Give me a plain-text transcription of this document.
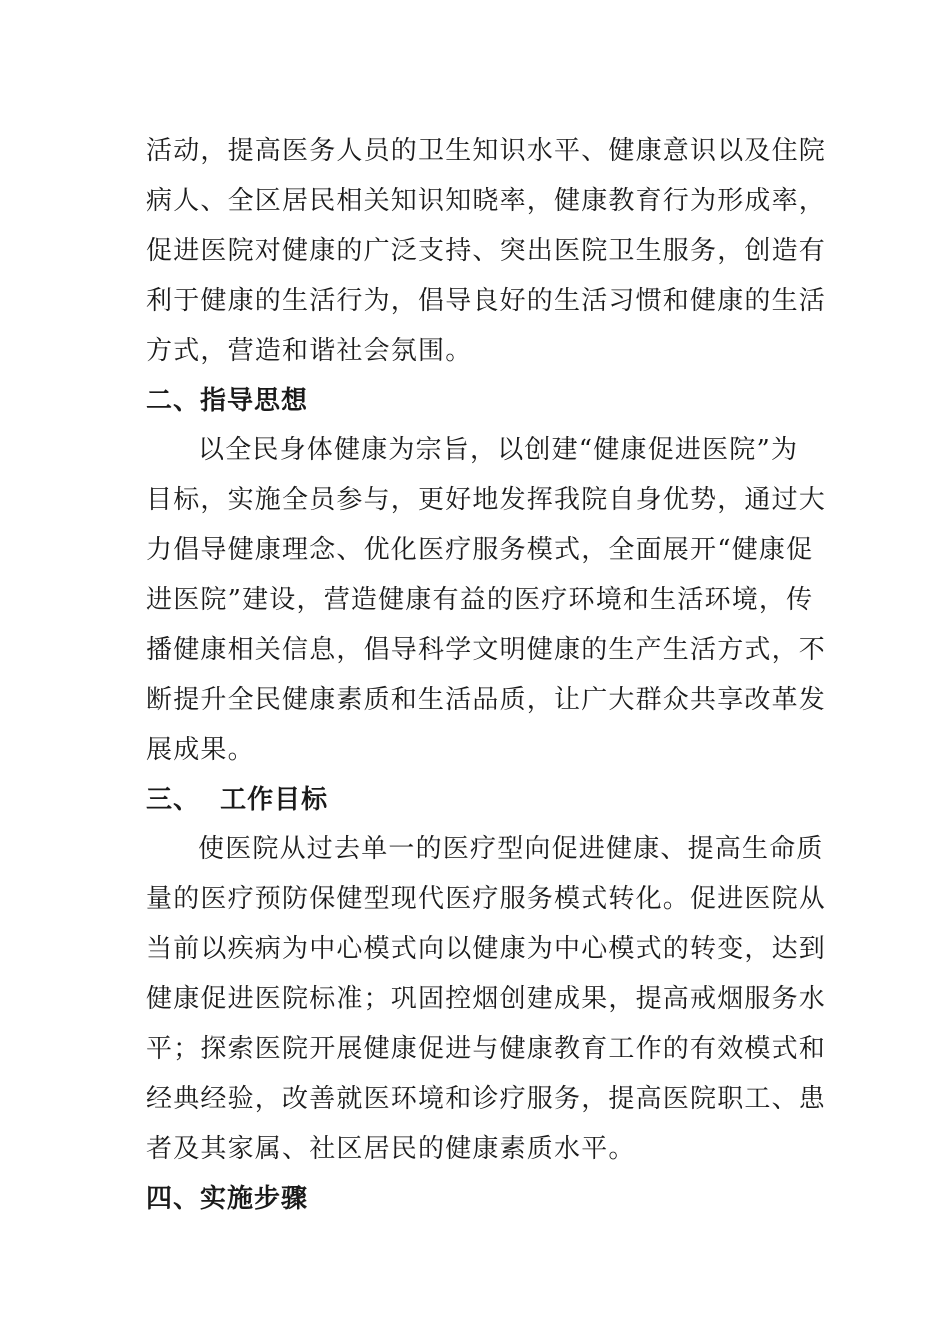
活动，提高医务人员的卫生知识水平、健康意识以及住院
病人、全区居民相关知识知晓率，健康教育行为形成率，
促进医院对健康的广泛支持、突出医院卫生服务，创造有
利于健康的生活行为，倡导良好的生活习惯和健康的生活
方式，营造和谐社会氛围。
二、指导思想
以全民身体健康为宗旨，以创建“健康促进医院”为
目标，实施全员参与，更好地发挥我院自身优势，通过大
力倡导健康理念、优化医疗服务模式，全面展开“健康促
进医院”建设，营造健康有益的医疗环境和生活环境，传
播健康相关信息，倡导科学文明健康的生产生活方式，不
断提升全民健康素质和生活品质，让广大群众共享改革发
展成果。
三、  工作目标
使医院从过去单一的医疗型向促进健康、提高生命质
量的医疗预防保健型现代医疗服务模式转化。促进医院从
当前以疾病为中心模式向以健康为中心模式的转变，达到
健康促进医院标准；巩固控烟创建成果，提高戒烟服务水
平；探索医院开展健康促进与健康教育工作的有效模式和
经典经验，改善就医环境和诊疗服务，提高医院职工、患
者及其家属、社区居民的健康素质水平。
四、实施步骤
